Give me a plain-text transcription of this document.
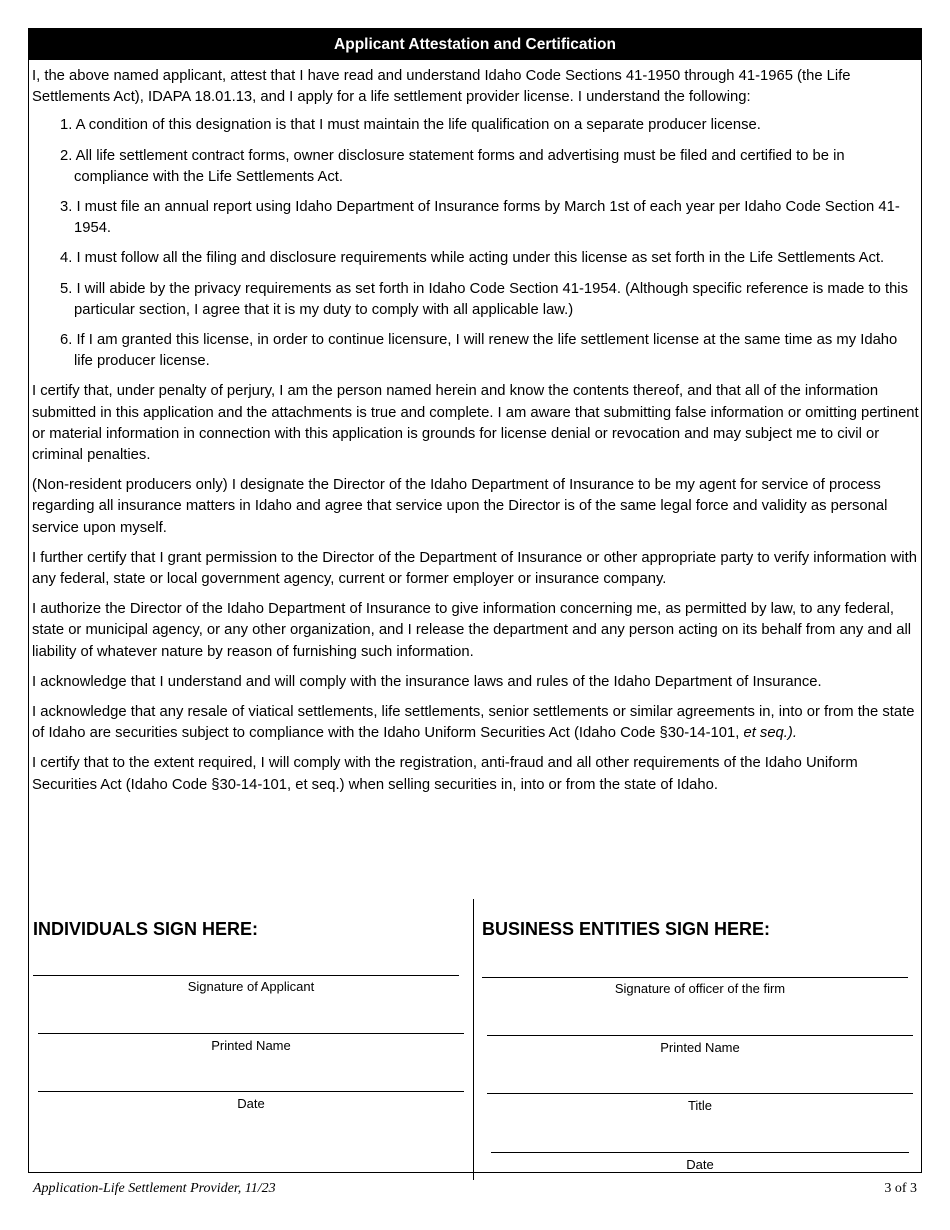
Applicant Attestation and Certification

I, the above named applicant, attest that I have read and understand Idaho Code Sections 41-1950 through 41-1965 (the Life Settlements Act), IDAPA 18.01.13, and I apply for a life settlement provider license. I understand the following:

1. A condition of this designation is that I must maintain the life qualification on a separate producer license.

2. All life settlement contract forms, owner disclosure statement forms and advertising must be filed and certified to be in compliance with the Life Settlements Act.

3. I must file an annual report using Idaho Department of Insurance forms by March 1st of each year per Idaho Code Section 41-1954.

4. I must follow all the filing and disclosure requirements while acting under this license as set forth in the Life Settlements Act.

5. I will abide by the privacy requirements as set forth in Idaho Code Section 41-1954. (Although specific reference is made to this particular section, I agree that it is my duty to comply with all applicable law.)

6. If I am granted this license, in order to continue licensure, I will renew the life settlement license at the same time as my Idaho life producer license.

I certify that, under penalty of perjury, I am the person named herein and know the contents thereof, and that all of the information submitted in this application and the attachments is true and complete. I am aware that submitting false information or omitting pertinent or material information in connection with this application is grounds for license denial or revocation and may subject me to civil or criminal penalties.

(Non-resident producers only) I designate the Director of the Idaho Department of Insurance to be my agent for service of process regarding all insurance matters in Idaho and agree that service upon the Director is of the same legal force and validity as personal service upon myself.

I further certify that I grant permission to the Director of the Department of Insurance or other appropriate party to verify information with any federal, state or local government agency, current or former employer or insurance company.

I authorize the Director of the Idaho Department of Insurance to give information concerning me, as permitted by law, to any federal, state or municipal agency, or any other organization, and I release the department and any person acting on its behalf from any and all liability of whatever nature by reason of furnishing such information.

I acknowledge that I understand and will comply with the insurance laws and rules of the Idaho Department of Insurance.

I acknowledge that any resale of viatical settlements, life settlements, senior settlements or similar agreements in, into or from the state of Idaho are securities subject to compliance with the Idaho Uniform Securities Act (Idaho Code §30-14-101, et seq.).

I certify that to the extent required, I will comply with the registration, anti-fraud and all other requirements of the Idaho Uniform Securities Act (Idaho Code §30-14-101, et seq.) when selling securities in, into or from the state of Idaho.

INDIVIDUALS SIGN HERE:
Signature of Applicant
Printed Name
Date
BUSINESS ENTITIES SIGN HERE:
Signature of officer of the firm
Printed Name
Title
Date
Application-Life Settlement Provider, 11/23	3 of 3
